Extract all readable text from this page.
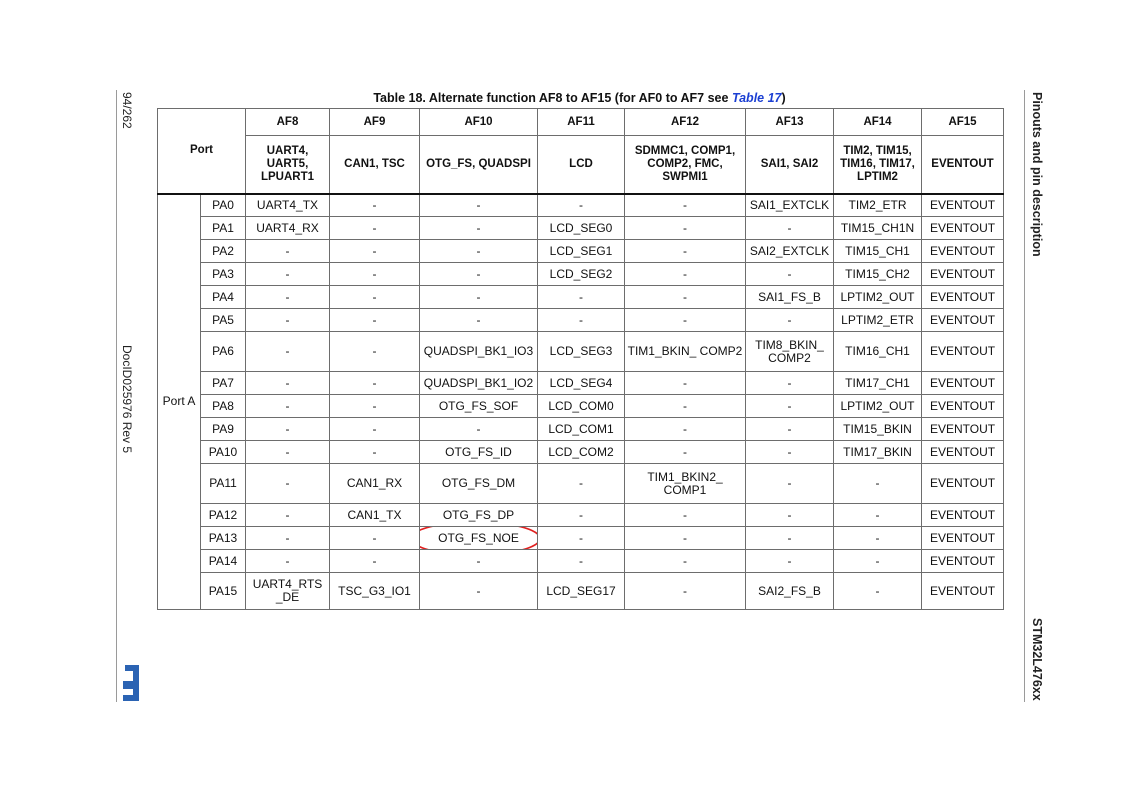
94/262
DocID025976 Rev 5
Pinouts and pin description
STM32L476xx
Table 18. Alternate function AF8 to AF15 (for AF0 to AF7 see Table 17)
Port		AF8	AF9	AF10	AF11	AF12	AF13	AF14	AF15
		UART4, UART5, LPUART1	CAN1, TSC	OTG_FS, QUADSPI	LCD	SDMMC1, COMP1, COMP2, FMC, SWPMI1	SAI1, SAI2	TIM2, TIM15, TIM16, TIM17, LPTIM2	EVENTOUT
Port A	PA0	UART4_TX	-	-	-	-	SAI1_EXTCLK	TIM2_ETR	EVENTOUT
	PA1	UART4_RX	-	-	LCD_SEG0	-	-	TIM15_CH1N	EVENTOUT
	PA2	-	-	-	LCD_SEG1	-	SAI2_EXTCLK	TIM15_CH1	EVENTOUT
	PA3	-	-	-	LCD_SEG2	-	-	TIM15_CH2	EVENTOUT
	PA4	-	-	-	-	-	SAI1_FS_B	LPTIM2_OUT	EVENTOUT
	PA5	-	-	-	-	-	-	LPTIM2_ETR	EVENTOUT
	PA6	-	-	QUADSPI_BK1_IO3	LCD_SEG3	TIM1_BKIN_ COMP2	TIM8_BKIN_ COMP2	TIM16_CH1	EVENTOUT
	PA7	-	-	QUADSPI_BK1_IO2	LCD_SEG4	-	-	TIM17_CH1	EVENTOUT
	PA8	-	-	OTG_FS_SOF	LCD_COM0	-	-	LPTIM2_OUT	EVENTOUT
	PA9	-	-	-	LCD_COM1	-	-	TIM15_BKIN	EVENTOUT
	PA10	-	-	OTG_FS_ID	LCD_COM2	-	-	TIM17_BKIN	EVENTOUT
	PA11	-	CAN1_RX	OTG_FS_DM	-	TIM1_BKIN2_ COMP1	-	-	EVENTOUT
	PA12	-	CAN1_TX	OTG_FS_DP	-	-	-	-	EVENTOUT
	PA13	-	-	OTG_FS_NOE	-	-	-	-	EVENTOUT
	PA14	-	-	-	-	-	-	-	EVENTOUT
	PA15	UART4_RTS _DE	TSC_G3_IO1	-	LCD_SEG17	-	SAI2_FS_B	-	EVENTOUT
